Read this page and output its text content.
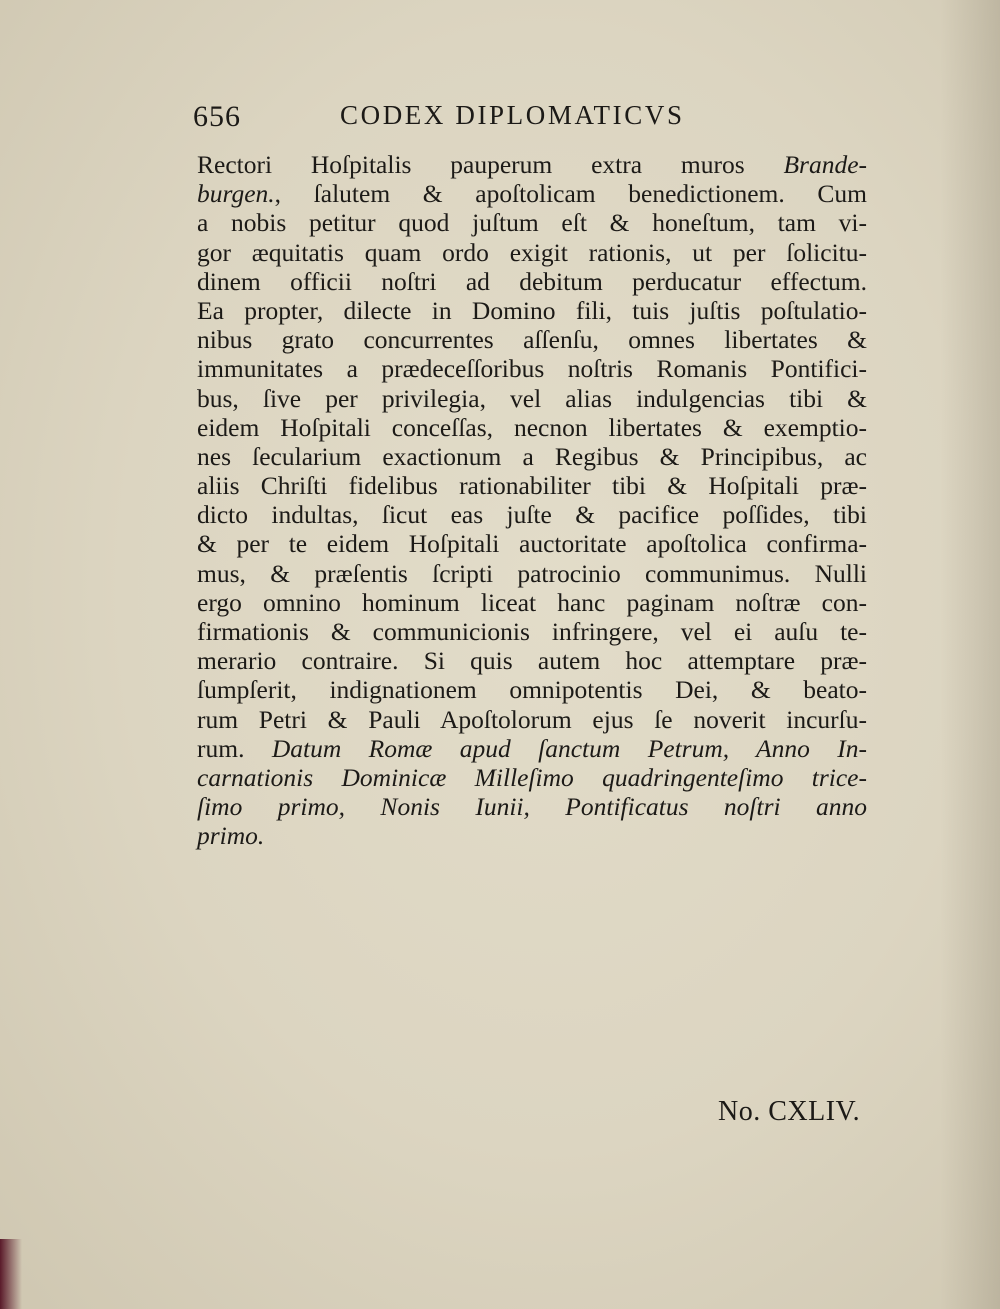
656	CODEX DIPLOMATICVS
Rectori Hoſpitalis pauperum extra muros Brande-
burgen., ſalutem & apoſtolicam benedictionem. Cum
a nobis petitur quod juſtum eſt & honeſtum, tam vi-
gor æquitatis quam ordo exigit rationis, ut per ſolicitu-
dinem officii noſtri ad debitum perducatur effectum.
Ea propter, dilecte in Domino fili, tuis juſtis poſtulatio-
nibus grato concurrentes aſſenſu, omnes libertates &
immunitates a prædeceſſoribus noſtris Romanis Pontifici-
bus, ſive per privilegia, vel alias indulgencias tibi &
eidem Hoſpitali conceſſas, necnon libertates & exemptio-
nes ſecularium exactionum a Regibus & Principibus, ac
aliis Chriſti fidelibus rationabiliter tibi & Hoſpitali præ-
dicto indultas, ſicut eas juſte & pacifice poſſides, tibi
& per te eidem Hoſpitali auctoritate apoſtolica confirma-
mus, & præſentis ſcripti patrocinio communimus. Nulli
ergo omnino hominum liceat hanc paginam noſtræ con-
firmationis & communicionis infringere, vel ei auſu te-
merario contraire. Si quis autem hoc attemptare præ-
ſumpſerit, indignationem omnipotentis Dei, & beato-
rum Petri & Pauli Apoſtolorum ejus ſe noverit incurſu-
rum. Datum Romæ apud ſanctum Petrum, Anno In-
carnationis Dominicæ Milleſimo quadringenteſimo trice-
ſimo primo, Nonis Iunii, Pontificatus noſtri anno
primo.
No. CXLIV.
